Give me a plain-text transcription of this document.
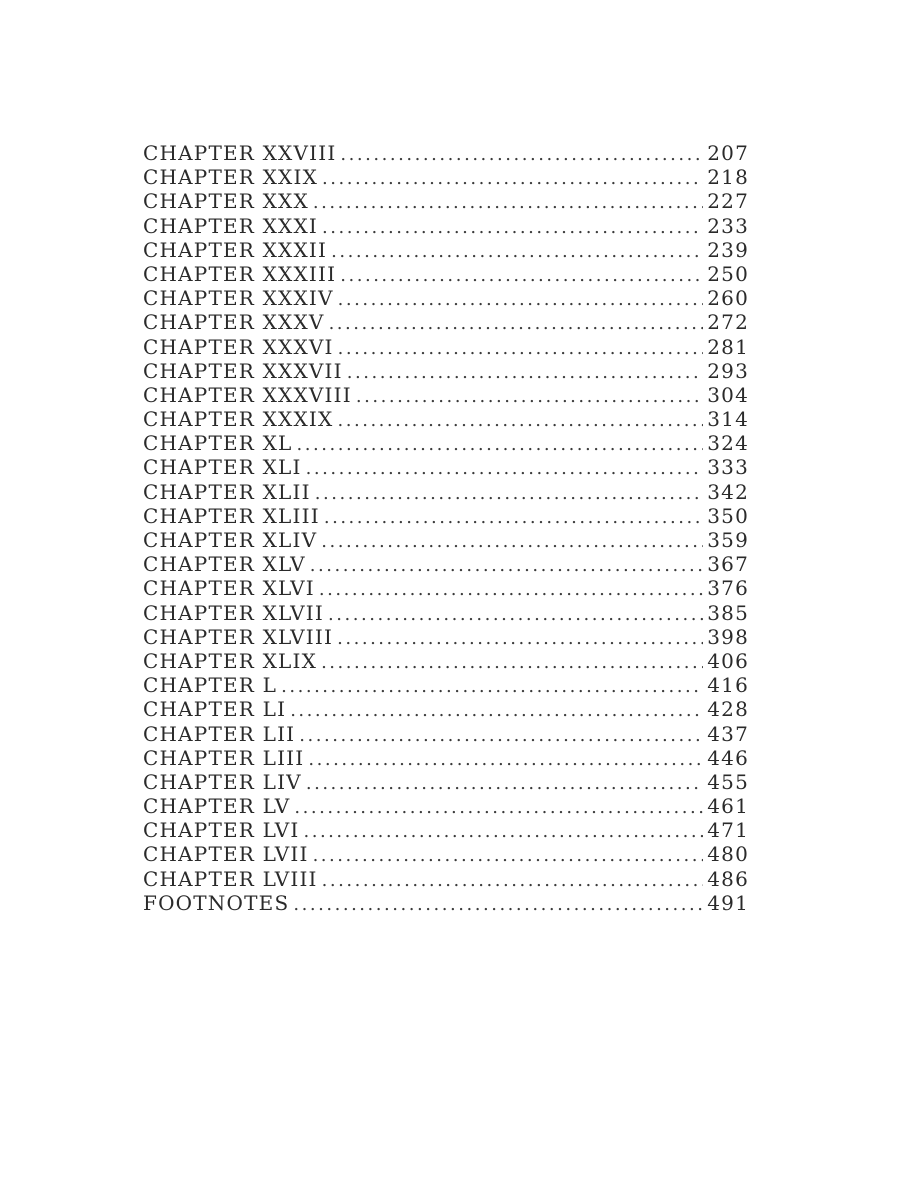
CHAPTER XXVIII . . .	207
CHAPTER XXIX . . .	218
CHAPTER XXX . . .	227
CHAPTER XXXI . . .	233
CHAPTER XXXII . . .	239
CHAPTER XXXIII . . .	250
CHAPTER XXXIV . . .	260
CHAPTER XXXV . . .	272
CHAPTER XXXVI . . .	281
CHAPTER XXXVII . . .	293
CHAPTER XXXVIII . . .	304
CHAPTER XXXIX . . .	314
CHAPTER XL . . .	324
CHAPTER XLI . . .	333
CHAPTER XLII . . .	342
CHAPTER XLIII . . .	350
CHAPTER XLIV . . .	359
CHAPTER XLV . . .	367
CHAPTER XLVI . . .	376
CHAPTER XLVII . . .	385
CHAPTER XLVIII . . .	398
CHAPTER XLIX . . .	406
CHAPTER L . . .	416
CHAPTER LI . . .	428
CHAPTER LII . . .	437
CHAPTER LIII . . .	446
CHAPTER LIV . . .	455
CHAPTER LV . . .	461
CHAPTER LVI . . .	471
CHAPTER LVII . . .	480
CHAPTER LVIII . . .	486
FOOTNOTES . . .	491
